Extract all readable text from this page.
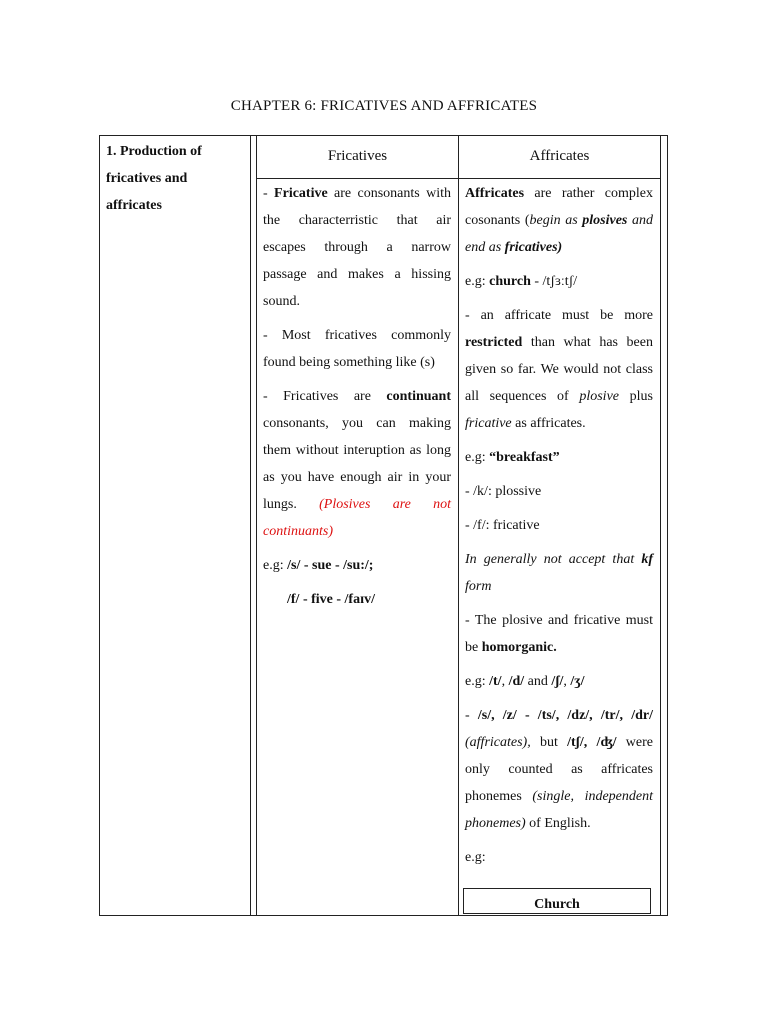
CHAPTER 6: FRICATIVES AND AFFRICATES
1. Production of fricatives and affricates
Fricatives	Affricates

- Fricative are consonants with the characterristic that air escapes through a narrow passage and makes a hissing sound.

- Most fricatives commonly found being something like (s)

- Fricatives are continuant consonants, you can making them without interuption as long as you have enough air in your lungs. (Plosives are not continuants)

e.g: /s/ - sue - /su:/;

/f/ - five - /faɪv/

Affricates are rather complex cosonants (begin as plosives and end as fricatives)

e.g: church - /tʃɜːtʃ/

- an affricate must be more restricted than what has been given so far. We would not class all sequences of plosive plus fricative as affricates.

e.g: “breakfast”

- /k/: plossive

- /f/: fricative

In generally not accept that kf form

- The plosive and fricative must be homorganic.

e.g: /t/, /d/ and /ʃ/, /ʒ/

- /s/, /z/ - /ts/, /dz/, /tr/, /dr/ (affricates), but /tʃ/, /ʤ/ were only counted as affricates phonemes (single, independent phonemes) of English.

e.g:

Church
